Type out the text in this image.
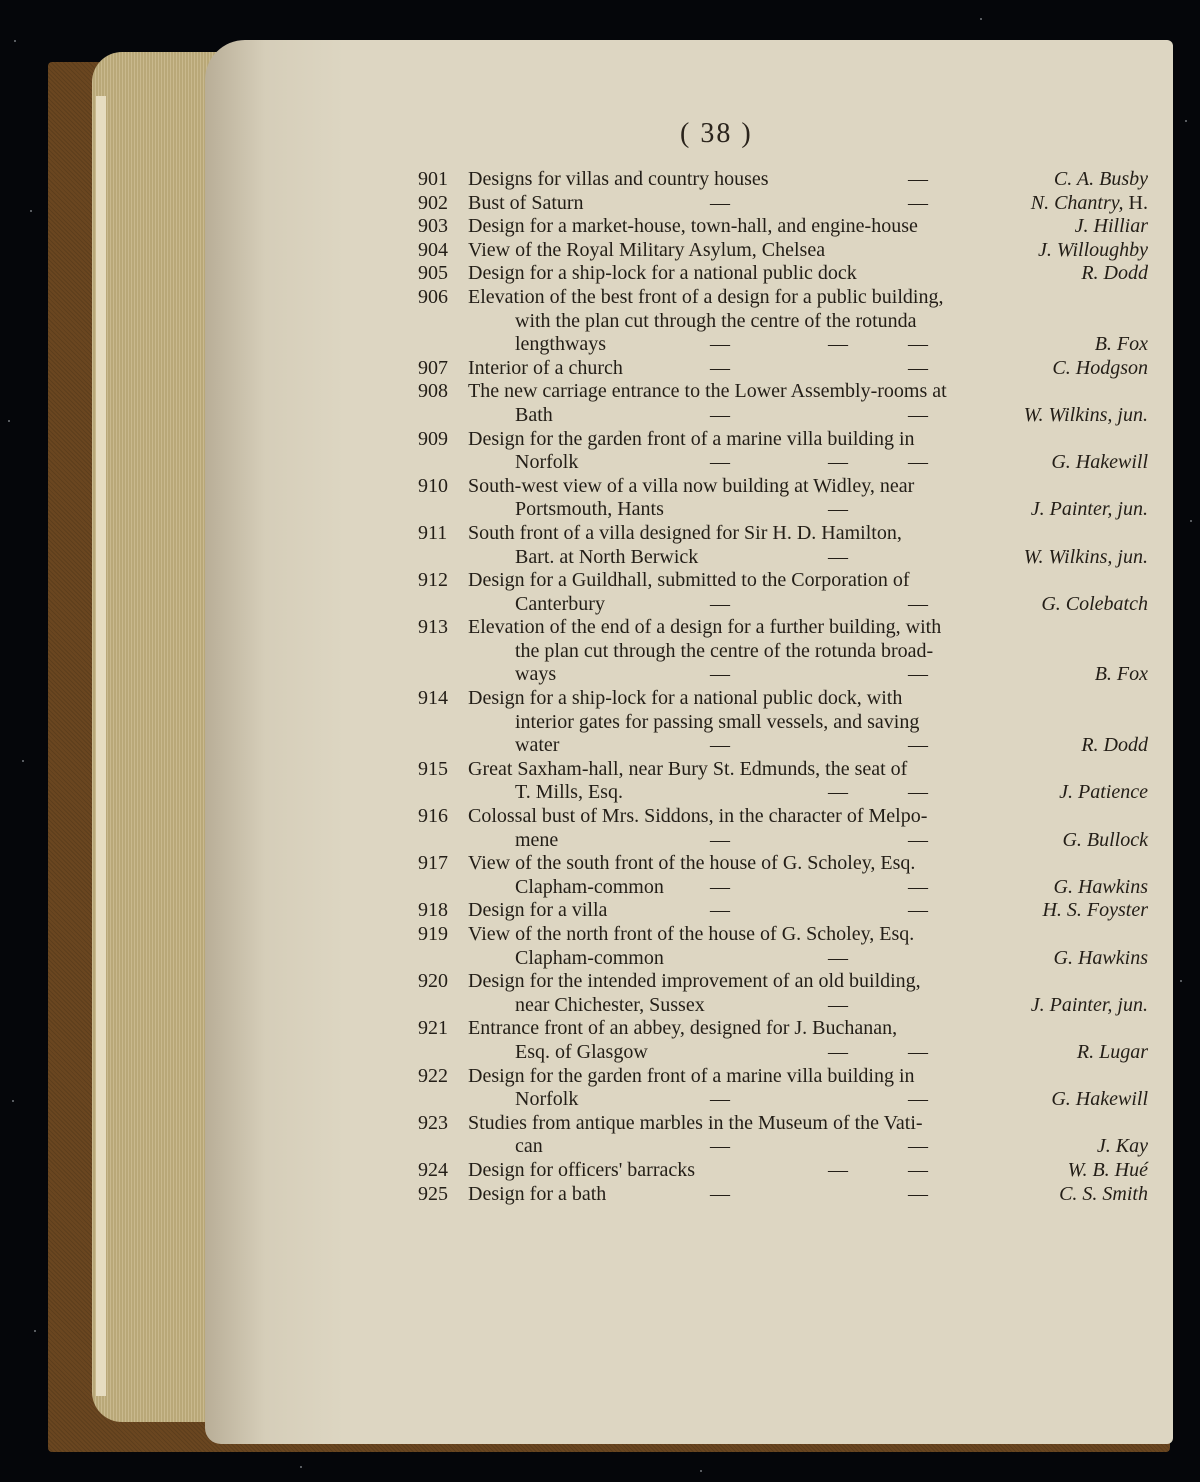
( 38 )
901	Designs for villas and country houses	—	C. A. Busby
902	Bust of Saturn	—	—	N. Chantry, H.
903	Design for a market-house, town-hall, and engine-house	J. Hilliar
904	View of the Royal Military Asylum, Chelsea	J. Willoughby
905	Design for a ship-lock for a national public dock	R. Dodd
906	Elevation of the best front of a design for a public building,
with the plan cut through the centre of the rotunda
lengthways	—	—	—	B. Fox
907	Interior of a church	—	—	C. Hodgson
908	The new carriage entrance to the Lower Assembly-rooms at
Bath	—	—	W. Wilkins, jun.
909	Design for the garden front of a marine villa building in
Norfolk	—	—	—	G. Hakewill
910	South-west view of a villa now building at Widley, near
Portsmouth, Hants	—	J. Painter, jun.
911	South front of a villa designed for Sir H. D. Hamilton,
Bart. at North Berwick	—	W. Wilkins, jun.
912	Design for a Guildhall, submitted to the Corporation of
Canterbury	—	—	G. Colebatch
913	Elevation of the end of a design for a further building, with
the plan cut through the centre of the rotunda broad-
ways	—	—	B. Fox
914	Design for a ship-lock for a national public dock, with
interior gates for passing small vessels, and saving
water	—	—	R. Dodd
915	Great Saxham-hall, near Bury St. Edmunds, the seat of
T. Mills, Esq.	—	—	J. Patience
916	Colossal bust of Mrs. Siddons, in the character of Melpo-
mene	—	—	G. Bullock
917	View of the south front of the house of G. Scholey, Esq.
Clapham-common —	—	G. Hawkins
918	Design for a villa	—	—	H. S. Foyster
919	View of the north front of the house of G. Scholey, Esq.
Clapham-common	—	G. Hawkins
920	Design for the intended improvement of an old building,
near Chichester, Sussex	—	J. Painter, jun.
921	Entrance front of an abbey, designed for J. Buchanan,
Esq. of Glasgow	—	—	R. Lugar
922	Design for the garden front of a marine villa building in
Norfolk	—	—	G. Hakewill
923	Studies from antique marbles in the Museum of the Vati-
can	—	—	J. Kay
924	Design for officers' barracks	—	—	W. B. Hué
925	Design for a bath	—	—	C. S. Smith
